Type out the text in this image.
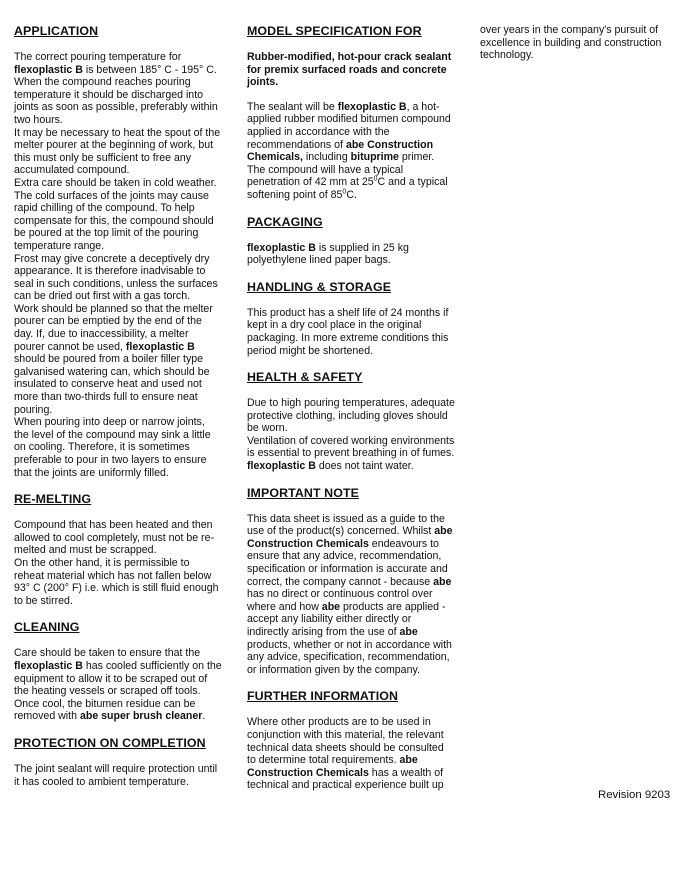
APPLICATION

The correct pouring temperature for flexoplastic B is between 185° C - 195° C.

When the compound reaches pouring temperature it should be discharged into joints as soon as possible, preferably within two hours.

It may be necessary to heat the spout of the melter pourer at the beginning of work, but this must only be sufficient to free any accumulated compound.

Extra care should be taken in cold weather. The cold surfaces of the joints may cause rapid chilling of the compound. To help compensate for this, the compound should be poured at the top limit of the pouring temperature range.

Frost may give concrete a deceptively dry appearance. It is therefore inadvisable to seal in such conditions, unless the surfaces can be dried out first with a gas torch.

Work should be planned so that the melter pourer can be emptied by the end of the day. If, due to inaccessibility, a melter pourer cannot be used, flexoplastic B should be poured from a boiler filler type galvanised watering can, which should be insulated to conserve heat and used not more than two-thirds full to ensure neat pouring.

When pouring into deep or narrow joints, the level of the compound may sink a little on cooling. Therefore, it is sometimes preferable to pour in two layers to ensure that the joints are uniformly filled.

RE-MELTING

Compound that has been heated and then allowed to cool completely, must not be re-melted and must be scrapped.

On the other hand, it is permissible to reheat material which has not fallen below 93° C (200° F) i.e. which is still fluid enough to be stirred.

CLEANING

Care should be taken to ensure that the flexoplastic B has cooled sufficiently on the equipment to allow it to be scraped out of the heating vessels or scraped off tools. Once cool, the bitumen residue can be removed with abe super brush cleaner.

PROTECTION ON COMPLETION

The joint sealant will require protection until it has cooled to ambient temperature.

MODEL SPECIFICATION FOR

Rubber-modified, hot-pour crack sealant for premix surfaced roads and concrete joints.

The sealant will be flexoplastic B, a hot-applied rubber modified bitumen compound applied in accordance with the recommendations of abe Construction Chemicals, including bituprime primer. The compound will have a typical penetration of 42 mm at $25^0C$ and a typical softening point of $85^0C$.

PACKAGING

flexoplastic B is supplied in 25 kg polyethylene lined paper bags.

HANDLING & STORAGE

This product has a shelf life of 24 months if kept in a dry cool place in the original packaging. In more extreme conditions this period might be shortened.

HEALTH & SAFETY

Due to high pouring temperatures, adequate protective clothing, including gloves should be worn.

Ventilation of covered working environments is essential to prevent breathing in of fumes.

flexoplastic B does not taint water.

IMPORTANT NOTE

This data sheet is issued as a guide to the use of the product(s) concerned. Whilst abe Construction Chemicals endeavours to ensure that any advice, recommendation, specification or information is accurate and correct, the company cannot - because abe has no direct or continuous control over where and how abe products are applied - accept any liability either directly or indirectly arising from the use of abe products, whether or not in accordance with any advice, specification, recommendation, or information given by the company.

FURTHER INFORMATION

Where other products are to be used in conjunction with this material, the relevant technical data sheets should be consulted to determine total requirements. abe Construction Chemicals has a wealth of technical and practical experience built up over years in the company's pursuit of excellence in building and construction technology.

Revision 9203
